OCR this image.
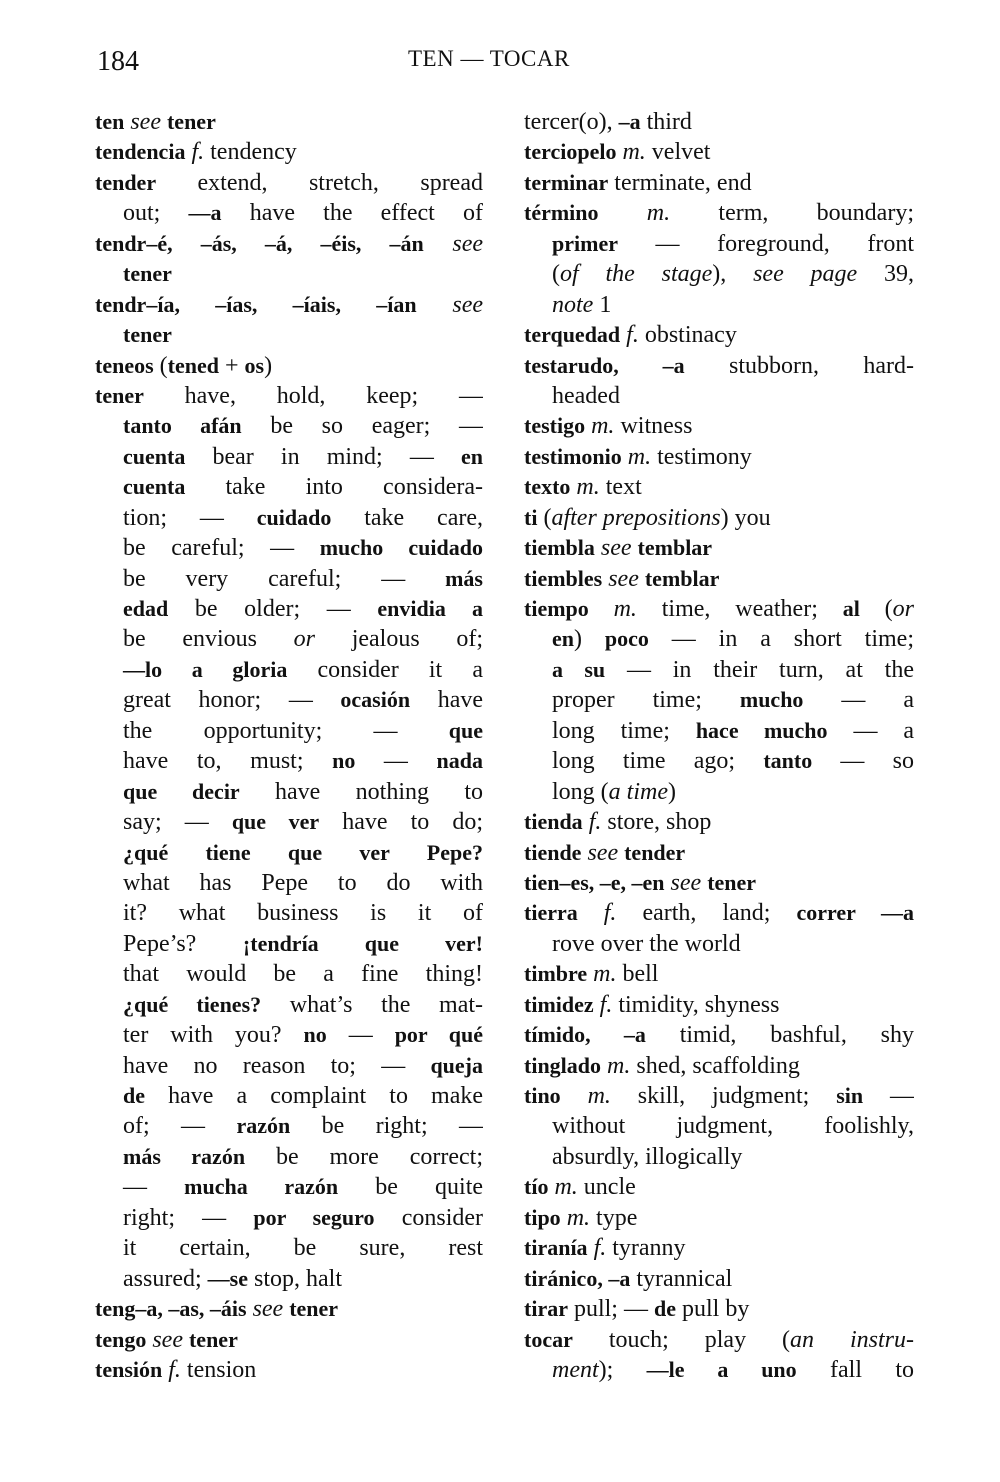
184	TEN — TOCAR
ten see tener
tendencia f. tendency
tender extend, stretch, spread
out; —a have the effect of
tendr–é, –ás, –á, –éis, –án see
tener
tendr–ía, –ías, –íais, –ían see
tener
teneos (tened + os)
tener have, hold, keep; —
tanto afán be so eager; —
cuenta bear in mind; — en
cuenta take into considera-
tion; — cuidado take care,
be careful; — mucho cuidado
be very careful; — más
edad be older; — envidia a
be envious or jealous of;
—lo a gloria consider it a
great honor; — ocasión have
the opportunity; — que
have to, must; no — nada
que decir have nothing to
say; — que ver have to do;
¿qué tiene que ver Pepe?
what has Pepe to do with
it? what business is it of
Pepe’s? ¡tendría que ver!
that would be a fine thing!
¿qué tienes? what’s the mat-
ter with you? no — por qué
have no reason to; — queja
de have a complaint to make
of; — razón be right; —
más razón be more correct;
— mucha razón be quite
right; — por seguro consider
it certain, be sure, rest
assured; —se stop, halt
teng–a, –as, –áis see tener
tengo see tener
tensión f. tension
tercer(o), –a third
terciopelo m. velvet
terminar terminate, end
término m. term, boundary;
primer — foreground, front
(of the stage), see page 39,
note 1
terquedad f. obstinacy
testarudo, –a stubborn, hard-
headed
testigo m. witness
testimonio m. testimony
texto m. text
ti (after prepositions) you
tiembla see temblar
tiembles see temblar
tiempo m. time, weather; al (or
en) poco — in a short time;
a su — in their turn, at the
proper time; mucho — a
long time; hace mucho — a
long time ago; tanto — so
long (a time)
tienda f. store, shop
tiende see tender
tien–es, –e, –en see tener
tierra f. earth, land; correr —a
rove over the world
timbre m. bell
timidez f. timidity, shyness
tímido, –a timid, bashful, shy
tinglado m. shed, scaffolding
tino m. skill, judgment; sin —
without judgment, foolishly,
absurdly, illogically
tío m. uncle
tipo m. type
tiranía f. tyranny
tiránico, –a tyrannical
tirar pull; — de pull by
tocar touch; play (an instru-
ment); —le a uno fall to
